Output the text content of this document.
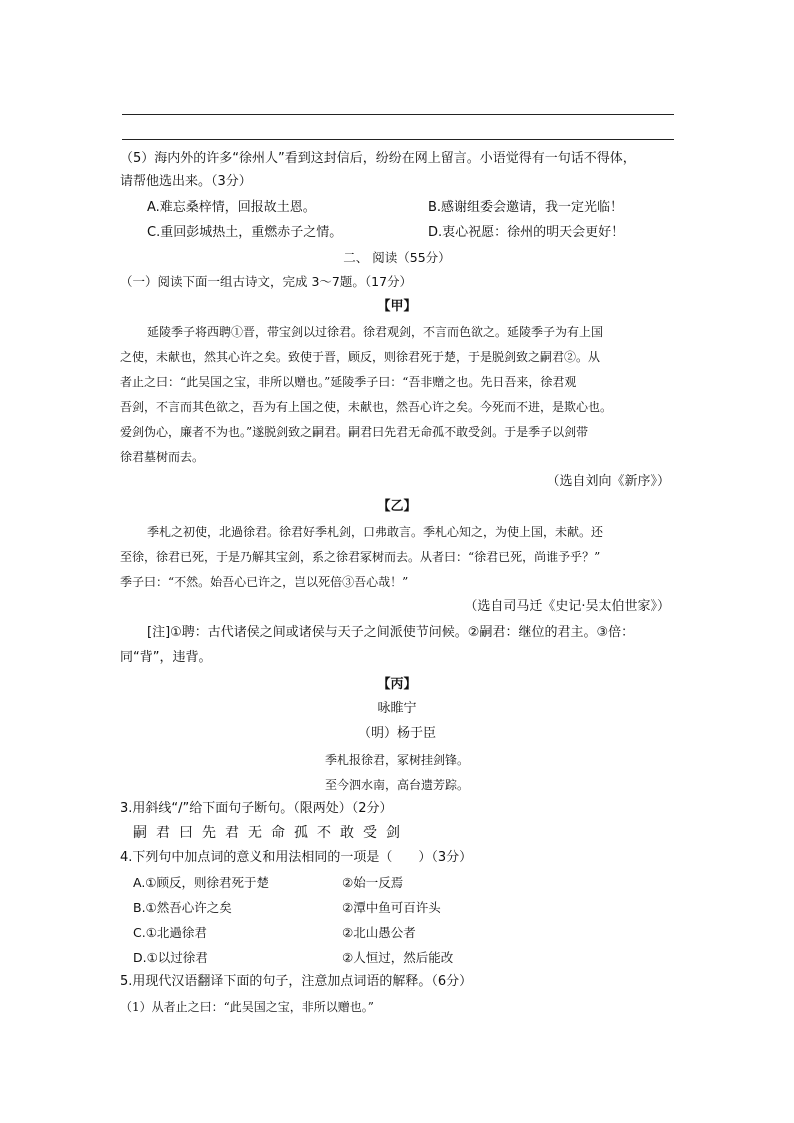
（5）海内外的许多“徐州人”看到这封信后，纷纷在网上留言。小语觉得有一句话不得体，
请帮他选出来。（3分）
A.难忘桑梓情，回报故土恩。	B.感谢组委会邀请，我一定光临！
C.重回彭城热土，重燃赤子之情。	D.衷心祝愿：徐州的明天会更好！
二、 阅读（55分）
（一）阅读下面一组古诗文，完成 3～7题。（17分）
【甲】
延陵季子将西聘①晋，带宝剑以过徐君。徐君观剑，不言而色欲之。延陵季子为有上国
之使，未献也，然其心许之矣。致使于晋，顾反，则徐君死于楚，于是脱剑致之嗣君②。从
者止之曰：“此吴国之宝，非所以赠也。”延陵季子曰：“吾非赠之也。先日吾来，徐君观
吾剑，不言而其色欲之，吾为有上国之使，未献也，然吾心许之矣。今死而不进，是欺心也。
爱剑伪心，廉者不为也。”遂脱剑致之嗣君。嗣君曰先君无命孤不敢受剑。于是季子以剑带
徐君墓树而去。
（选自刘向《新序》）
【乙】
季札之初使，北過徐君。徐君好季札剑，口弗敢言。季札心知之，为使上国，未献。还
至徐，徐君已死，于是乃解其宝剑，系之徐君冢树而去。从者曰：“徐君已死，尚谁予乎？”
季子曰：“不然。始吾心已许之，岂以死倍③吾心哉！”
（选自司马迁《史记·吴太伯世家》）
[注]①聘：古代诸侯之间或诸侯与天子之间派使节问候。②嗣君：继位的君主。③倍：
同“背”，违背。
【丙】
咏睢宁
（明）杨于臣
季札报徐君，冢树挂剑锋。
至今泗水南，高台遗芳踪。
3.用斜线“/”给下面句子断句。（限两处）（2分）
嗣君曰先君无命孤不敢受剑
4.下列句中加点词的意义和用法相同的一项是（　　）（3分）
A.①顾反，则徐君死于楚	②始一反焉
B.①然吾心许之矣	②潭中鱼可百许头
C.①北過徐君	②北山愚公者
D.①以过徐君	②人恒过，然后能改
5.用现代汉语翻译下面的句子，注意加点词语的解释。（6分）
（1）从者止之曰：“此吴国之宝，非所以赠也。”
